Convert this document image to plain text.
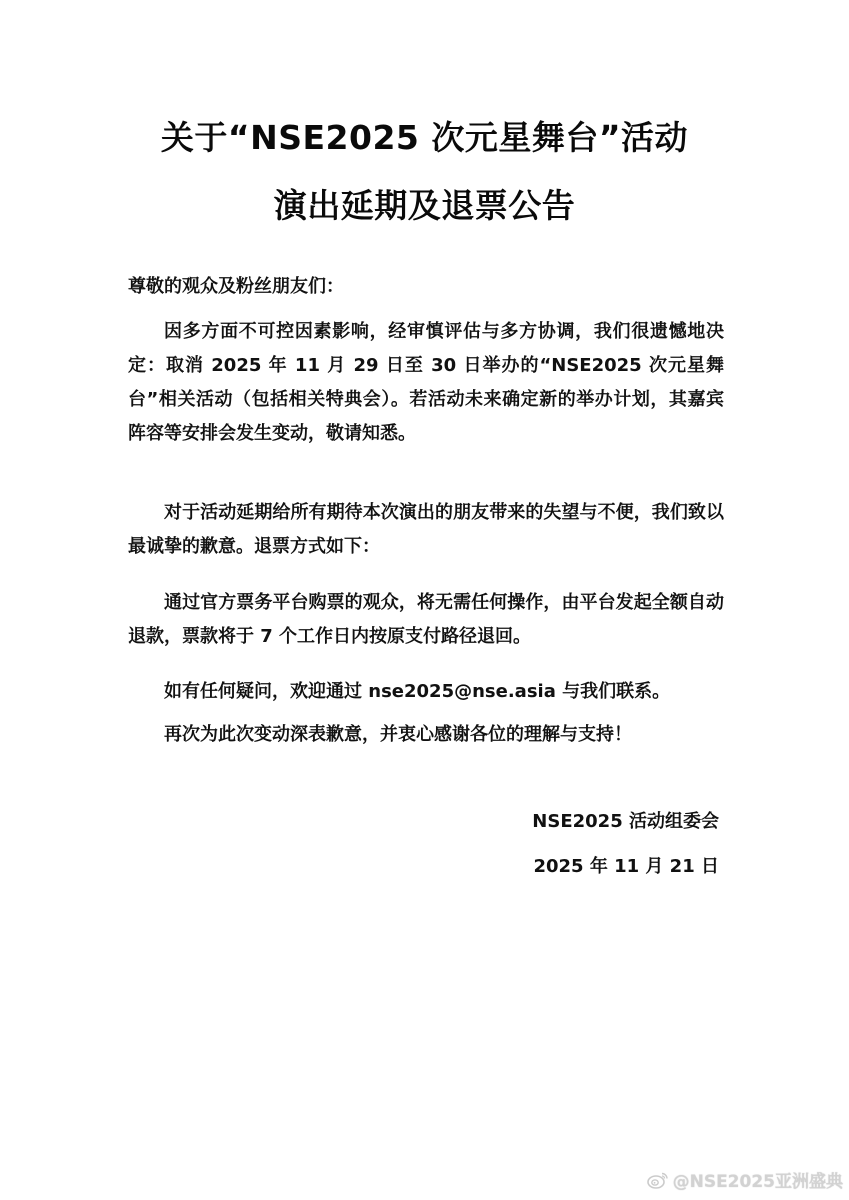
关于“NSE2025 次元星舞台”活动
演出延期及退票公告
尊敬的观众及粉丝朋友们：
因多方面不可控因素影响，经审慎评估与多方协调，我们很遗憾地决定：取消 2025 年 11 月 29 日至 30 日举办的“NSE2025 次元星舞台”相关活动（包括相关特典会）。若活动未来确定新的举办计划，其嘉宾阵容等安排会发生变动，敬请知悉。
对于活动延期给所有期待本次演出的朋友带来的失望与不便，我们致以最诚挚的歉意。退票方式如下：
通过官方票务平台购票的观众，将无需任何操作，由平台发起全额自动退款，票款将于 7 个工作日内按原支付路径退回。
如有任何疑问，欢迎通过 nse2025@nse.asia 与我们联系。
再次为此次变动深表歉意，并衷心感谢各位的理解与支持！
NSE2025 活动组委会
2025 年 11 月 21 日
@NSE2025亚洲盛典
